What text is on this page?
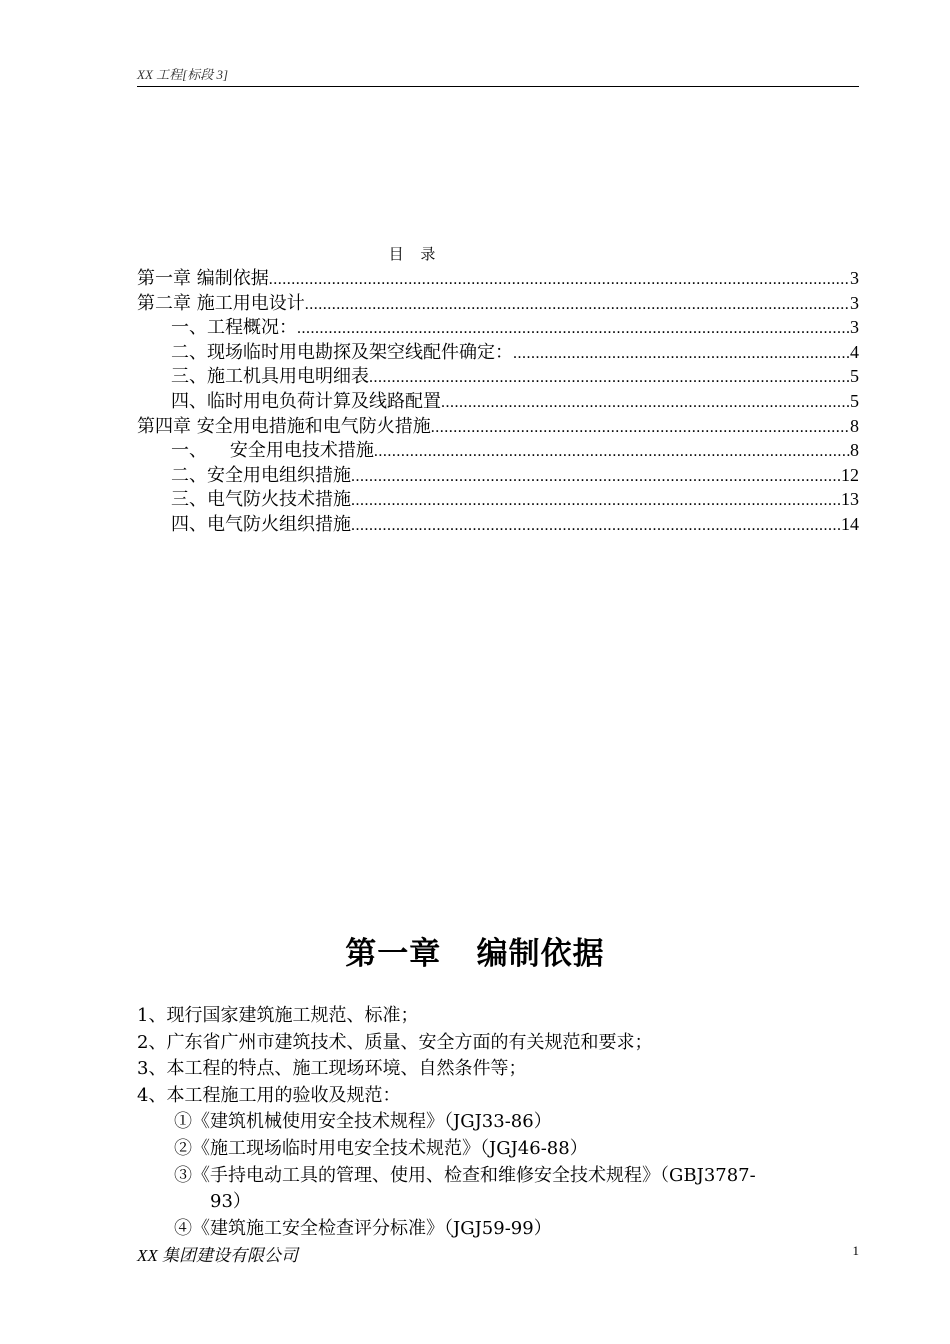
XX 工程[标段 3]
目 录
第一章 编制依据 .....	3
第二章 施工用电设计 .....	3
一、工程概况： .....	3
二、现场临时用电勘探及架空线配件确定： .....	4
三、施工机具用电明细表 .....	5
四、临时用电负荷计算及线路配置 .....	5
第四章 安全用电措施和电气防火措施 .....	8
一、    安全用电技术措施 .....	8
二、安全用电组织措施 .....	12
三、电气防火技术措施 .....	13
四、电气防火组织措施 .....	14
第一章   编制依据
1、现行国家建筑施工规范、标准；
2、广东省广州市建筑技术、质量、安全方面的有关规范和要求；
3、本工程的特点、施工现场环境、自然条件等；
4、本工程施工用的验收及规范：
①《建筑机械使用安全技术规程》（JGJ33-86）
②《施工现场临时用电安全技术规范》（JGJ46-88）
③《手持电动工具的管理、使用、检查和维修安全技术规程》（GBJ3787-
93）
④《建筑施工安全检查评分标准》（JGJ59-99）
XX 集团建设有限公司	1
